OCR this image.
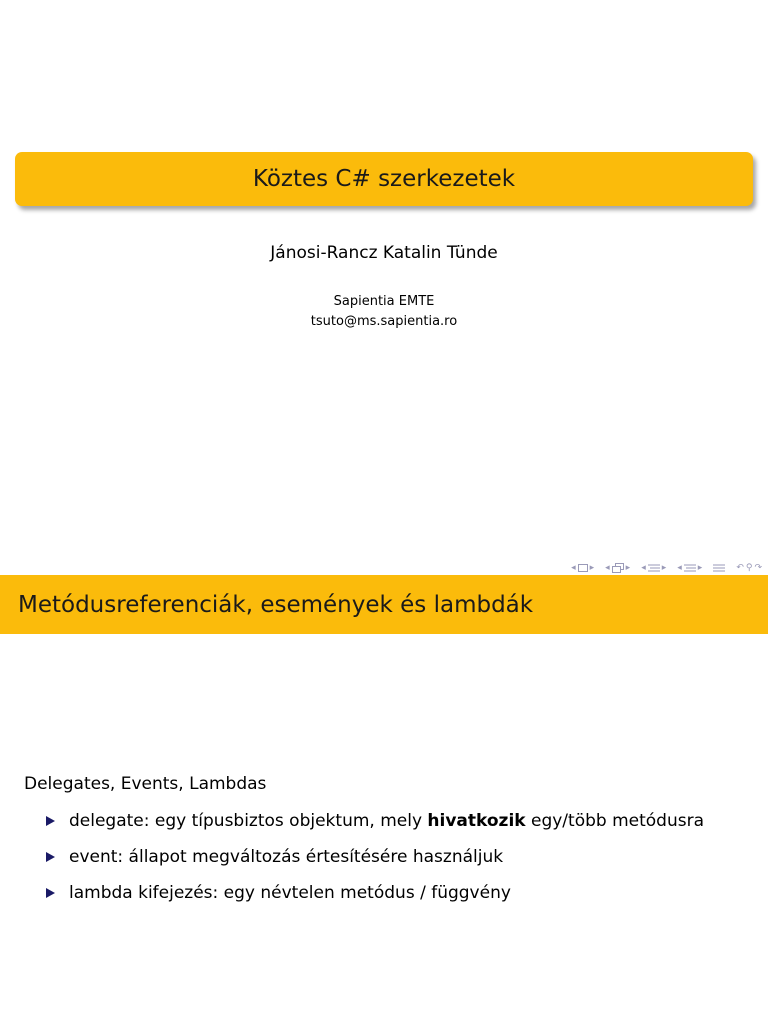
Köztes C# szerkezetek
Jánosi-Rancz Katalin Tünde
Sapientia EMTE
tsuto@ms.sapientia.ro
◂ ▸ ◂ ▸ ◂ ▸ ◂ ▸	↶ ⚲ ↷
Metódusreferenciák, események és lambdák
Delegates, Events, Lambdas
delegate: egy típusbiztos objektum, mely hivatkozik egy/több metódusra
event: állapot megváltozás értesítésére használjuk
lambda kifejezés: egy névtelen metódus / függvény
